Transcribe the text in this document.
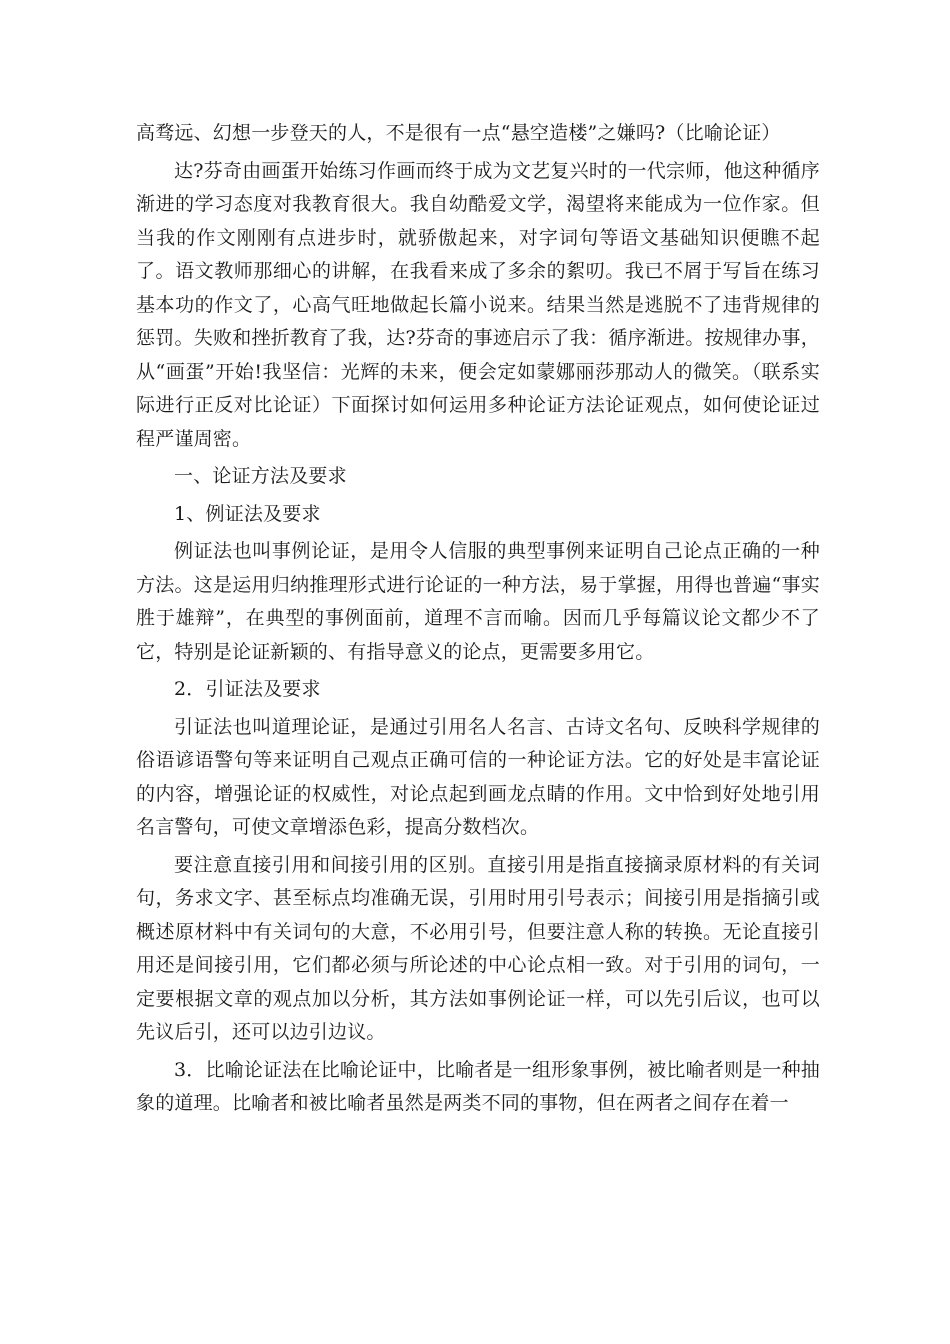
高骛远、幻想一步登天的人，不是很有一点“悬空造楼”之嫌吗?（比喻论证）

达?芬奇由画蛋开始练习作画而终于成为文艺复兴时的一代宗师，他这种循序渐进的学习态度对我教育很大。我自幼酷爱文学，渴望将来能成为一位作家。但当我的作文刚刚有点进步时，就骄傲起来，对字词句等语文基础知识便瞧不起了。语文教师那细心的讲解，在我看来成了多余的絮叨。我已不屑于写旨在练习基本功的作文了，心高气旺地做起长篇小说来。结果当然是逃脱不了违背规律的惩罚。失败和挫折教育了我，达?芬奇的事迹启示了我：循序渐进。按规律办事，从“画蛋”开始!我坚信：光辉的未来，便会定如蒙娜丽莎那动人的微笑。（联系实际进行正反对比论证）下面探讨如何运用多种论证方法论证观点，如何使论证过程严谨周密。

一、论证方法及要求

1、例证法及要求

例证法也叫事例论证，是用令人信服的典型事例来证明自己论点正确的一种方法。这是运用归纳推理形式进行论证的一种方法，易于掌握，用得也普遍“事实胜于雄辩”，在典型的事例面前，道理不言而喻。因而几乎每篇议论文都少不了它，特别是论证新颖的、有指导意义的论点，更需要多用它。

2．引证法及要求

引证法也叫道理论证，是通过引用名人名言、古诗文名句、反映科学规律的俗语谚语警句等来证明自己观点正确可信的一种论证方法。它的好处是丰富论证的内容，增强论证的权威性，对论点起到画龙点睛的作用。文中恰到好处地引用名言警句，可使文章增添色彩，提高分数档次。

要注意直接引用和间接引用的区别。直接引用是指直接摘录原材料的有关词句，务求文字、甚至标点均准确无误，引用时用引号表示；间接引用是指摘引或概述原材料中有关词句的大意，不必用引号，但要注意人称的转换。无论直接引用还是间接引用，它们都必须与所论述的中心论点相一致。对于引用的词句，一定要根据文章的观点加以分析，其方法如事例论证一样，可以先引后议，也可以先议后引，还可以边引边议。

3．比喻论证法在比喻论证中，比喻者是一组形象事例，被比喻者则是一种抽象的道理。比喻者和被比喻者虽然是两类不同的事物，但在两者之间存在着一
